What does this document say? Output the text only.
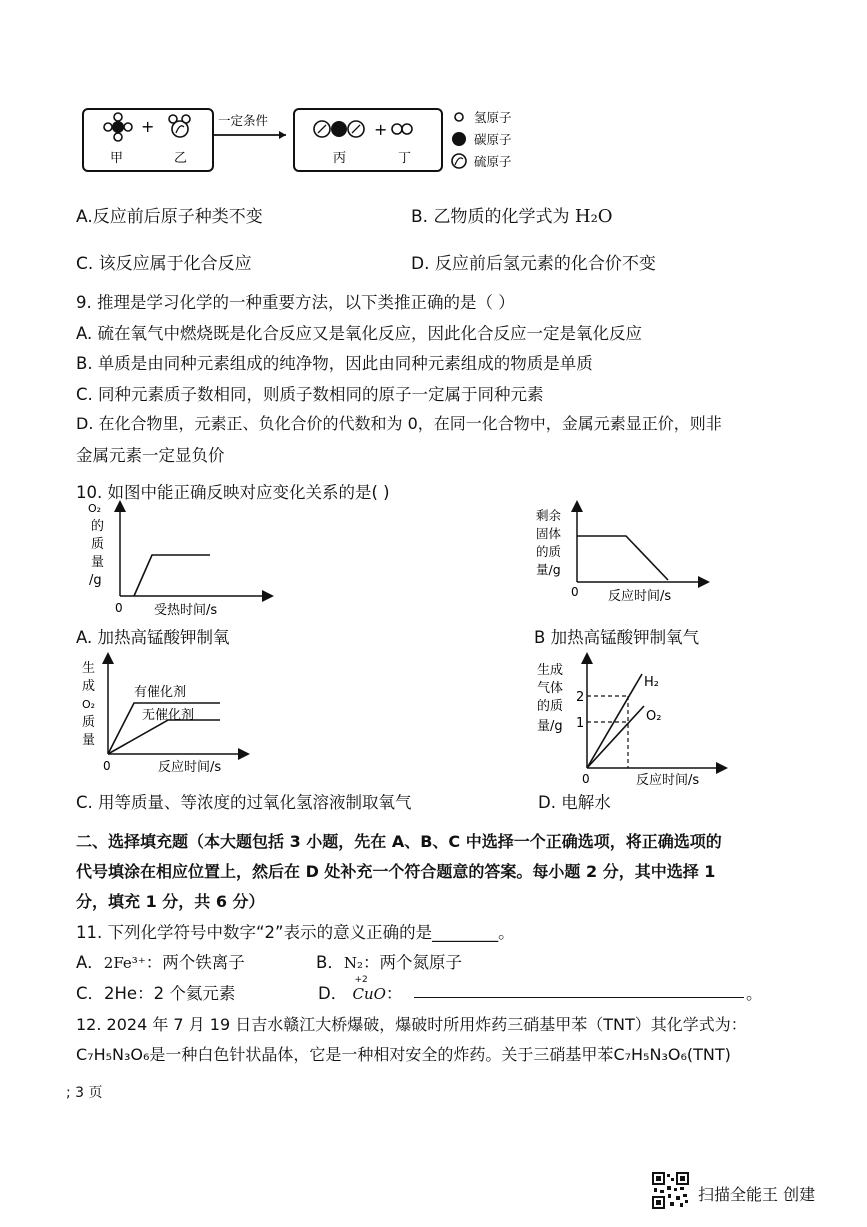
+
甲	乙
一定条件	+
丙	丁
氢原子
碳原子
硫原子
A.反应前后原子种类不变	B. 乙物质的化学式为 H₂O
C. 该反应属于化合反应	D. 反应前后氢元素的化合价不变
9. 推理是学习化学的一种重要方法，以下类推正确的是（ ）
A. 硫在氧气中燃烧既是化合反应又是氧化反应，因此化合反应一定是氧化反应
B. 单质是由同种元素组成的纯净物，因此由同种元素组成的物质是单质
C. 同种元素质子数相同，则质子数相同的原子一定属于同种元素
D. 在化合物里，元素正、负化合价的代数和为 0，在同一化合物中，金属元素显正价，则非
金属元素一定显负价
10. 如图中能正确反映对应变化关系的是( )
O₂
的
质
量
/g
0 受热时间/s
剩余
固体
的质
量/g
0 反应时间/s
A. 加热高锰酸钾制氧	B 加热高锰酸钾制氧气
有催化剂
无催化剂
生
成
O₂
质
量
0	反应时间/s
2
1
H₂
O₂
生成
气体
的质
量/g
0	反应时间/s
C. 用等质量、等浓度的过氧化氢溶液制取氧气	D. 电解水
二、选择填充题（本大题包括 3 小题，先在 A、B、C 中选择一个正确选项，将正确选项的
代号填涂在相应位置上，然后在 D 处补充一个符合题意的答案。每小题 2 分，其中选择 1
分，填充 1 分，共 6 分）
11. 下列化学符号中数字“2”表示的意义正确的是________。
A．2Fe³⁺：两个铁离子	B．N₂：两个氮原子
C．2He：2 个氦元素	D．
+2
CuO：	。
12. 2024 年 7 月 19 日吉水赣江大桥爆破，爆破时所用炸药三硝基甲苯（TNT）其化学式为：
C₇H₅N₃O₆是一种白色针状晶体，它是一种相对安全的炸药。关于三硝基甲苯C₇H₅N₃O₆(TNT)
; 3 页
扫描全能王 创建
